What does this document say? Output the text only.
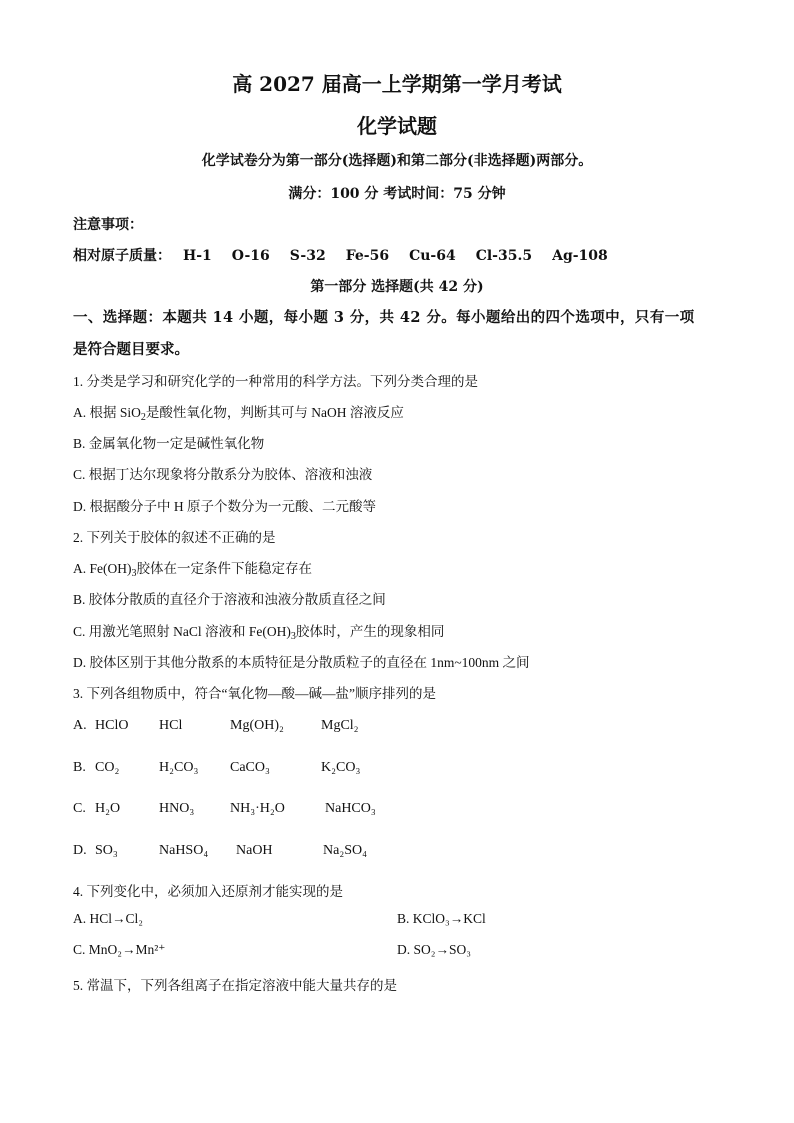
高 2027 届高一上学期第一学月考试
化学试题
化学试卷分为第一部分(选择题)和第二部分(非选择题)两部分。
满分：100 分 考试时间：75 分钟
注意事项：
相对原子质量： H-1 O-16 S-32 Fe-56 Cu-64 Cl-35.5 Ag-108
第一部分 选择题(共 42 分)
一、选择题：本题共 14 小题，每小题 3 分，共 42 分。每小题给出的四个选项中，只有一项
是符合题目要求。
1. 分类是学习和研究化学的一种常用的科学方法。下列分类合理的是
A. 根据 SiO$_2$是酸性氧化物，判断其可与 NaOH 溶液反应
B. 金属氧化物一定是碱性氧化物
C. 根据丁达尔现象将分散系分为胶体、溶液和浊液
D. 根据酸分子中 H 原子个数分为一元酸、二元酸等
2. 下列关于胶体的叙述不正确的是
A. $Fe(OH)_3$胶体在一定条件下能稳定存在
B. 胶体分散质的直径介于溶液和浊液分散质直径之间
C. 用激光笔照射 NaCl 溶液和 $Fe(OH)_3$胶体时，产生的现象相同
D. 胶体区别于其他分散系的本质特征是分散质粒子的直径在 1nm~100nm 之间
3. 下列各组物质中，符合“氧化物—酸—碱—盐”顺序排列的是
A. HClO HCl	Mg(OH)₂	MgCl₂
B. CO₂	H₂CO₃ CaCO₃	K₂CO₃
C. H₂O	HNO₃	NH₃·H₂O	NaHCO₃
D. SO₃	NaHSO₄ NaOH	Na₂SO₄
4. 下列变化中，必须加入还原剂才能实现的是
A. HCl→Cl₂	B. KClO₃→KCl
C. MnO₂→Mn²⁺	D. SO₂→SO₃
5. 常温下，下列各组离子在指定溶液中能大量共存的是
